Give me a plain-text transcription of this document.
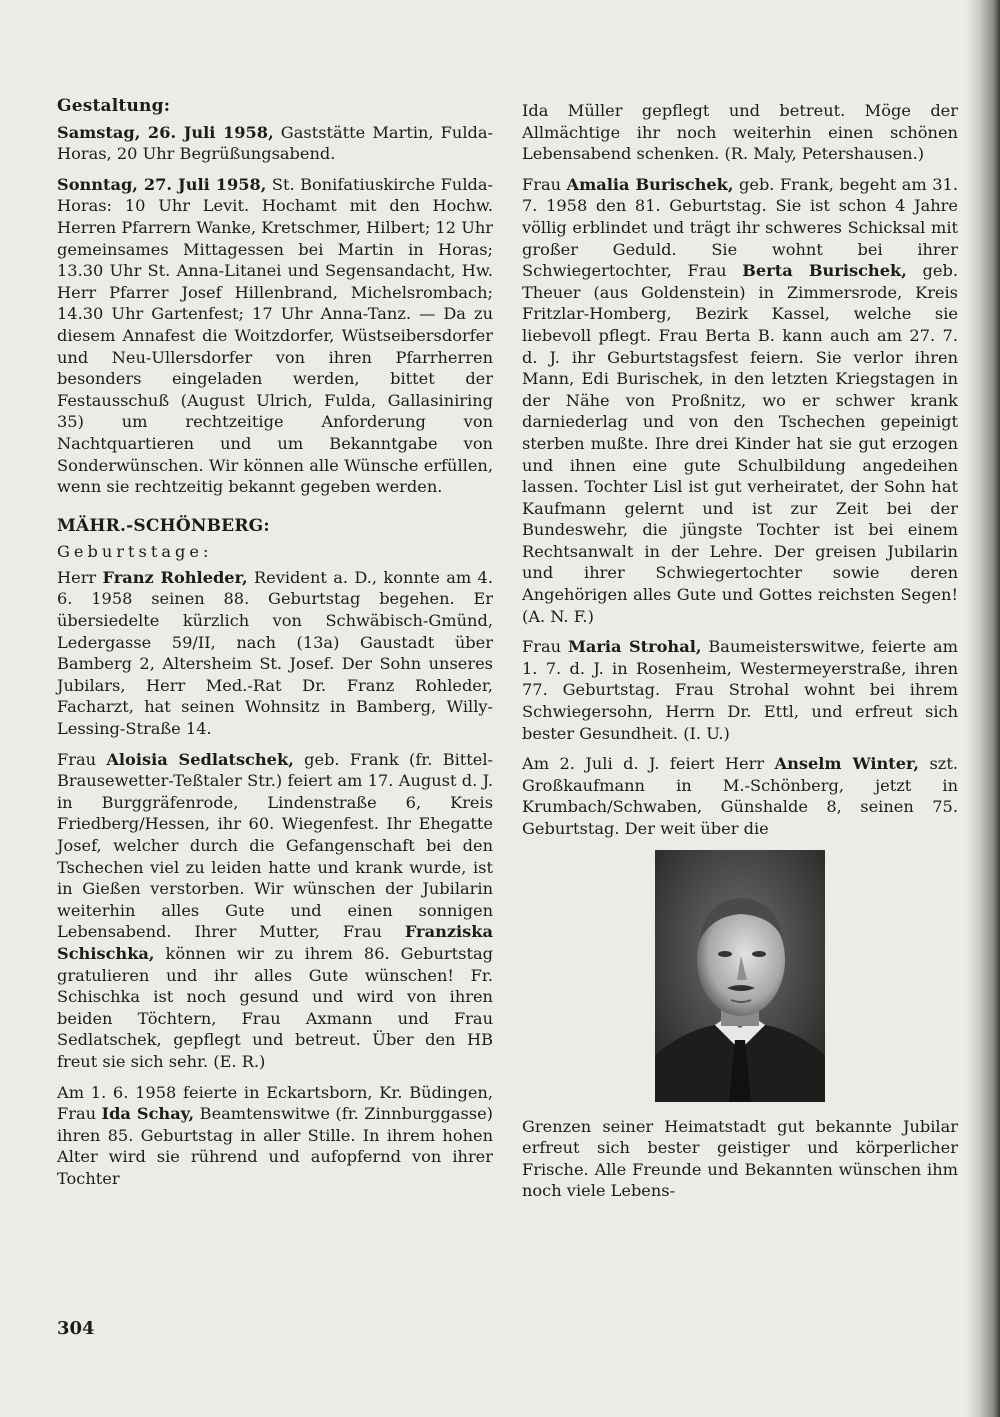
Gestaltung:

Samstag, 26. Juli 1958, Gaststätte Martin, Fulda-Horas, 20 Uhr Begrüßungsabend.

Sonntag, 27. Juli 1958, St. Bonifatiuskirche Fulda-Horas: 10 Uhr Levit. Hochamt mit den Hochw. Herren Pfarrern Wanke, Kretschmer, Hilbert; 12 Uhr gemeinsames Mittagessen bei Martin in Horas; 13.30 Uhr St. Anna-Litanei und Segensandacht, Hw. Herr Pfarrer Josef Hillenbrand, Michelsrombach; 14.30 Uhr Gartenfest; 17 Uhr Anna-Tanz. — Da zu diesem Annafest die Woitzdorfer, Wüstseibersdorfer und Neu-Ullersdorfer von ihren Pfarrherren besonders eingeladen werden, bittet der Festausschuß (August Ulrich, Fulda, Gallasiniring 35) um rechtzeitige Anforderung von Nachtquartieren und um Bekanntgabe von Sonderwünschen. Wir können alle Wünsche erfüllen, wenn sie rechtzeitig bekannt gegeben werden.

MÄHR.-SCHÖNBERG:
Geburtstage:

Herr Franz Rohleder, Revident a. D., konnte am 4. 6. 1958 seinen 88. Geburtstag begehen. Er übersiedelte kürzlich von Schwäbisch-Gmünd, Ledergasse 59/II, nach (13a) Gaustadt über Bamberg 2, Altersheim St. Josef. Der Sohn unseres Jubilars, Herr Med.-Rat Dr. Franz Rohleder, Facharzt, hat seinen Wohnsitz in Bamberg, Willy-Lessing-Straße 14.

Frau Aloisia Sedlatschek, geb. Frank (fr. Bittel-Brausewetter-Teßtaler Str.) feiert am 17. August d. J. in Burggräfenrode, Lindenstraße 6, Kreis Friedberg/Hessen, ihr 60. Wiegenfest. Ihr Ehegatte Josef, welcher durch die Gefangenschaft bei den Tschechen viel zu leiden hatte und krank wurde, ist in Gießen verstorben. Wir wünschen der Jubilarin weiterhin alles Gute und einen sonnigen Lebensabend. Ihrer Mutter, Frau Franziska Schischka, können wir zu ihrem 86. Geburtstag gratulieren und ihr alles Gute wünschen! Fr. Schischka ist noch gesund und wird von ihren beiden Töchtern, Frau Axmann und Frau Sedlatschek, gepflegt und betreut. Über den HB freut sie sich sehr. (E. R.)

Am 1. 6. 1958 feierte in Eckartsborn, Kr. Büdingen, Frau Ida Schay, Beamtenswitwe (fr. Zinnburggasse) ihren 85. Geburtstag in aller Stille. In ihrem hohen Alter wird sie rührend und aufopfernd von ihrer Tochter

Ida Müller gepflegt und betreut. Möge der Allmächtige ihr noch weiterhin einen schönen Lebensabend schenken. (R. Maly, Petershausen.)

Frau Amalia Burischek, geb. Frank, begeht am 31. 7. 1958 den 81. Geburtstag. Sie ist schon 4 Jahre völlig erblindet und trägt ihr schweres Schicksal mit großer Geduld. Sie wohnt bei ihrer Schwiegertochter, Frau Berta Burischek, geb. Theuer (aus Goldenstein) in Zimmersrode, Kreis Fritzlar-Homberg, Bezirk Kassel, welche sie liebevoll pflegt. Frau Berta B. kann auch am 27. 7. d. J. ihr Geburtstagsfest feiern. Sie verlor ihren Mann, Edi Burischek, in den letzten Kriegstagen in der Nähe von Proßnitz, wo er schwer krank darniederlag und von den Tschechen gepeinigt sterben mußte. Ihre drei Kinder hat sie gut erzogen und ihnen eine gute Schulbildung angedeihen lassen. Tochter Lisl ist gut verheiratet, der Sohn hat Kaufmann gelernt und ist zur Zeit bei der Bundeswehr, die jüngste Tochter ist bei einem Rechtsanwalt in der Lehre. Der greisen Jubilarin und ihrer Schwiegertochter sowie deren Angehörigen alles Gute und Gottes reichsten Segen! (A. N. F.)

Frau Maria Strohal, Baumeisterswitwe, feierte am 1. 7. d. J. in Rosenheim, Westermeyerstraße, ihren 77. Geburtstag. Frau Strohal wohnt bei ihrem Schwiegersohn, Herrn Dr. Ettl, und erfreut sich bester Gesundheit. (I. U.)

Am 2. Juli d. J. feiert Herr Anselm Winter, szt. Großkaufmann in M.-Schönberg, jetzt in Krumbach/Schwaben, Günshalde 8, seinen 75. Geburtstag. Der weit über die

Grenzen seiner Heimatstadt gut bekannte Jubilar erfreut sich bester geistiger und körperlicher Frische. Alle Freunde und Bekannten wünschen ihm noch viele Lebens-

304
